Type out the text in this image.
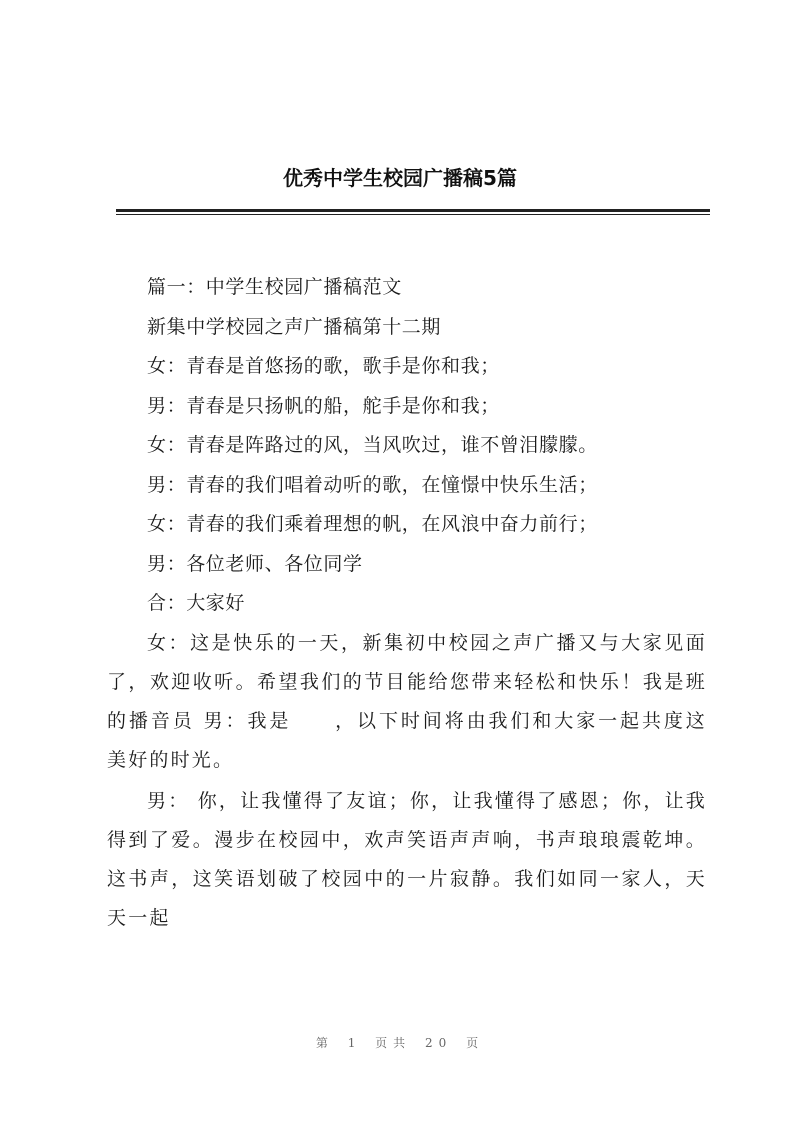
优秀中学生校园广播稿5篇
篇一：中学生校园广播稿范文
新集中学校园之声广播稿第十二期
女：青春是首悠扬的歌，歌手是你和我；
男：青春是只扬帆的船，舵手是你和我；
女：青春是阵路过的风，当风吹过，谁不曾泪朦朦。
男：青春的我们唱着动听的歌，在憧憬中快乐生活；
女：青春的我们乘着理想的帆，在风浪中奋力前行；
男：各位老师、各位同学
合：大家好
女：这是快乐的一天，新集初中校园之声广播又与大家见面了，欢迎收听。希望我们的节目能给您带来轻松和快乐！我是班的播音员 男：我是　　，以下时间将由我们和大家一起共度这美好的时光。
男： 你，让我懂得了友谊；你，让我懂得了感恩；你，让我得到了爱。漫步在校园中，欢声笑语声声响，书声琅琅震乾坤。这书声，这笑语划破了校园中的一片寂静。我们如同一家人，天天一起
第 1 页共 20 页
